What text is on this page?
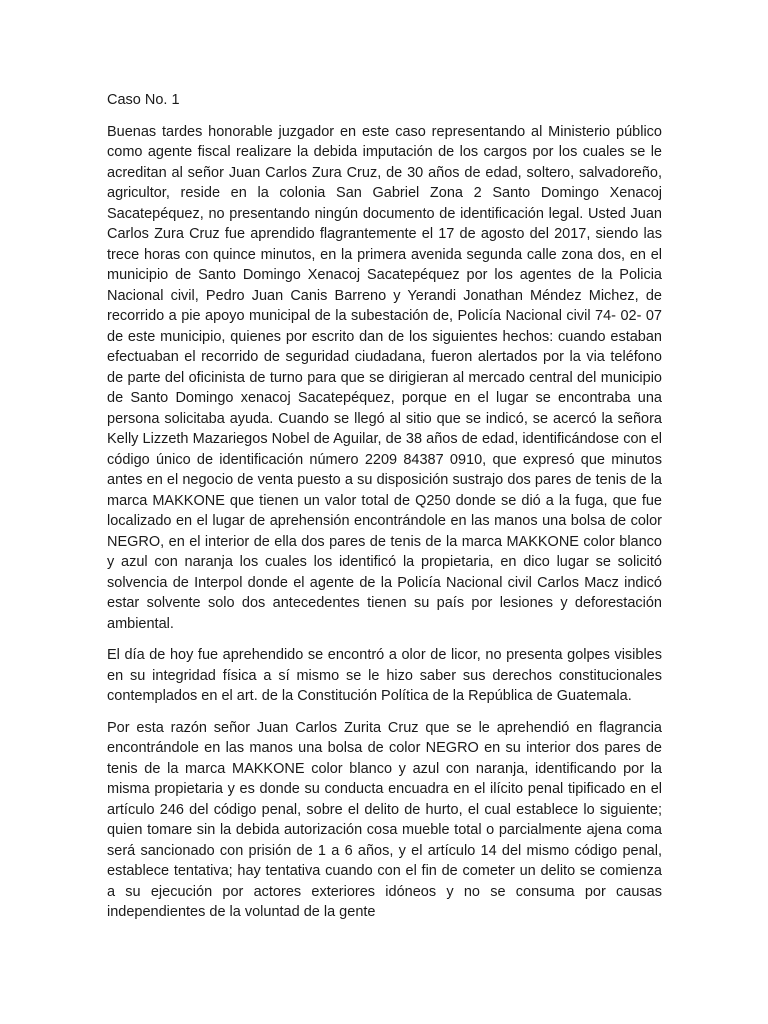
Caso No. 1

Buenas tardes honorable juzgador en este caso representando al Ministerio público como agente fiscal realizare la debida imputación de los cargos por los cuales se le acreditan al señor Juan Carlos Zura Cruz, de 30 años de edad, soltero, salvadoreño, agricultor, reside en la colonia San Gabriel Zona 2 Santo Domingo Xenacoj Sacatepéquez, no presentando ningún documento de identificación legal. Usted Juan Carlos Zura Cruz fue aprendido flagrantemente el 17 de agosto del 2017, siendo las trece horas con quince minutos, en la primera avenida segunda calle zona dos, en el municipio de Santo Domingo Xenacoj Sacatepéquez por los agentes de la Policia Nacional civil, Pedro Juan Canis Barreno y Yerandi Jonathan Méndez Michez, de recorrido a pie apoyo municipal de la subestación de, Policía Nacional civil 74- 02- 07 de este municipio, quienes por escrito dan de los siguientes hechos: cuando estaban efectuaban el recorrido de seguridad ciudadana, fueron alertados por la via teléfono de parte del oficinista de turno para que se dirigieran al mercado central del municipio de Santo Domingo xenacoj Sacatepéquez, porque en el lugar se encontraba una persona solicitaba ayuda. Cuando se llegó al sitio que se indicó, se acercó la señora Kelly Lizzeth Mazariegos Nobel de Aguilar, de 38 años de edad, identificándose con el código único de identificación número 2209 84387 0910, que expresó que minutos antes en el negocio de venta puesto a su disposición sustrajo dos pares de tenis de la marca MAKKONE que tienen un valor total de Q250 donde se dió a la fuga, que fue localizado en el lugar de aprehensión encontrándole en las manos una bolsa de color NEGRO, en el interior de ella dos pares de tenis de la marca MAKKONE color blanco y azul con naranja los cuales los identificó la propietaria, en dico lugar se solicitó solvencia de Interpol donde el agente de la Policía Nacional civil Carlos Macz indicó estar solvente solo dos antecedentes tienen su país por lesiones y deforestación ambiental.

El día de hoy fue aprehendido se encontró a olor de licor, no presenta golpes visibles en su integridad física a sí mismo se le hizo saber sus derechos constitucionales contemplados en el art. de la Constitución Política de la República de Guatemala.

Por esta razón señor Juan Carlos Zurita Cruz que se le aprehendió en flagrancia encontrándole en las manos una bolsa de color NEGRO en su interior dos pares de tenis de la marca MAKKONE color blanco y azul con naranja, identificando por la misma propietaria y es donde su conducta encuadra en el ilícito penal tipificado en el artículo 246 del código penal, sobre el delito de hurto, el cual establece lo siguiente; quien tomare sin la debida autorización cosa mueble total o parcialmente ajena coma será sancionado con prisión de 1 a 6 años, y el artículo 14 del mismo código penal, establece tentativa; hay tentativa cuando con el fin de cometer un delito se comienza a su ejecución por actores exteriores idóneos y no se consuma por causas independientes de la voluntad de la gente
